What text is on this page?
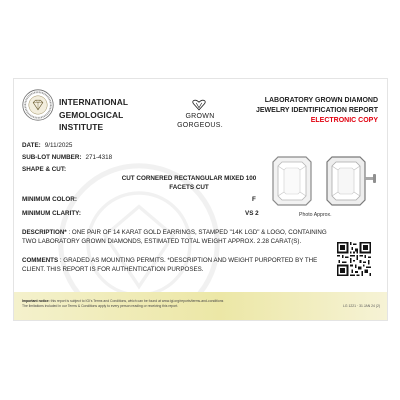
INTERNATIONAL
GEMOLOGICAL
INSTITUTE
GROWN
GORGEOUS.
LABORATORY GROWN DIAMOND
JEWELRY IDENTIFICATION REPORT
ELECTRONIC COPY
DATE: 9/11/2025
SUB-LOT NUMBER: 271-4318
SHAPE & CUT:
CUT CORNERED RECTANGULAR MIXED 100
FACETS CUT
MINIMUM COLOR:	F
MINIMUM CLARITY:	VS 2	Photo Approx.
DESCRIPTION* : ONE PAIR OF 14 KARAT GOLD EARRINGS, STAMPED "14K LGD" & LOGO, CONTAINING TWO LABORATORY GROWN DIAMONDS, ESTIMATED TOTAL WEIGHT APPROX. 2.28 CARAT(S).
COMMENTS : GRADED AS MOUNTING PERMITS. *DESCRIPTION AND WEIGHT PURPORTED BY THE CLIENT. THIS REPORT IS FOR AUTHENTICATION PURPOSES.
Important notice: this report is subject to IGI's Terms and Conditions, which can be found at www.igi.org/reports/terms-and-conditions
The limitations included in our Terms & Conditions apply to every person reading or receiving this report.	LG 1221 · 31 JAN 24 (2)
